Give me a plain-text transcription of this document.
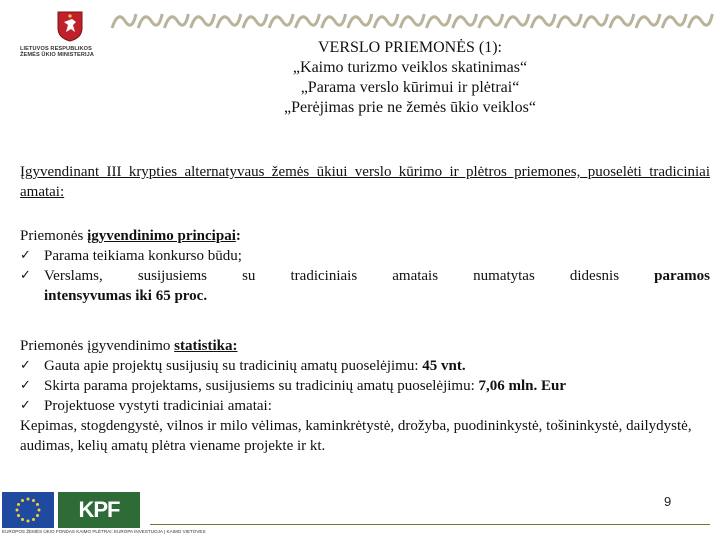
LIETUVOS RESPUBLIKOS
ŽEMĖS ŪKIO MINISTERIJA	VERSLO PRIEMONĖS (1):
„Kaimo turizmo veiklos skatinimas“
„Parama verslo kūrimui ir plėtrai“
„Perėjimas prie ne žemės ūkio veiklos“
Įgyvendinant III krypties alternatyvaus žemės ūkiui verslo kūrimo ir plėtros priemones, puoselėti tradiciniai amatai:
Priemonės įgyvendinimo principai:
✓ Parama teikiama konkurso būdu;
✓ Verslams, susijusiems su tradiciniais amatais numatytas didesnis paramos
intensyvumas iki 65 proc.
Priemonės įgyvendinimo statistika:
✓ Gauta apie projektų susijusių su tradicinių amatų puoselėjimu: 45 vnt.
✓ Skirta parama projektams, susijusiems su tradicinių amatų puoselėjimu: 7,06 mln. Eur
✓ Projektuose vystyti tradiciniai amatai:
Kepimas, stogdengystė, vilnos ir milo vėlimas, kaminkrėtystė, drožyba, puodininkystė, tošininkystė, dailydystė, audimas, kelių amatų plėtra viename projekte ir kt.
KPF
EUROPOS ŽEMĖS ŪKIO FONDAS KAIMO PLĖTRAI: EUROPA INVESTUOJA Į KAIMO VIETOVES
9
